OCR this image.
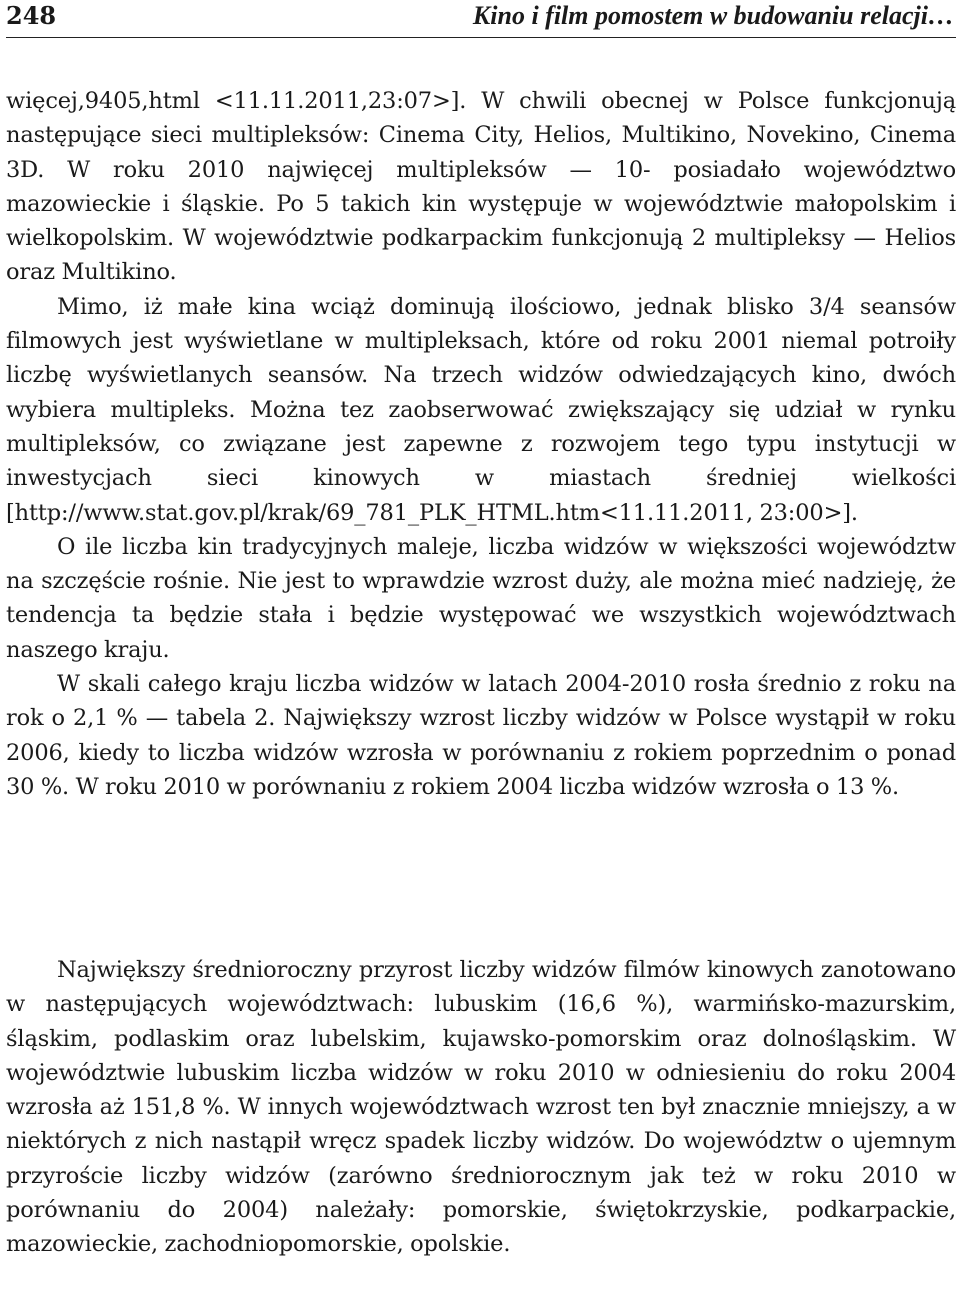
248	Kino i film pomostem w budowaniu relacji…

więcej,9405,html <11.11.2011,23:07>]. W chwili obecnej w Polsce funkcjonują następujące sieci multipleksów: Cinema City, Helios, Multikino, Novekino, Cinema 3D. W roku 2010 najwięcej multipleksów — 10- posiadało województwo mazowieckie i śląskie. Po 5 takich kin występuje w województwie małopolskim i wielkopolskim. W województwie podkarpackim funkcjonują 2 multipleksy — Helios oraz Multikino.

Mimo, iż małe kina wciąż dominują ilościowo, jednak blisko 3/4 seansów filmowych jest wyświetlane w multipleksach, które od roku 2001 niemal potroiły liczbę wyświetlanych seansów. Na trzech widzów odwiedzających kino, dwóch wybiera multipleks. Można tez zaobserwować zwiększający się udział w rynku multipleksów, co związane jest zapewne z rozwojem tego typu instytucji w inwestycjach sieci kinowych w miastach średniej wielkości [http://www.stat.gov.pl/krak/69_781_PLK_HTML.htm<11.11.2011, 23:00>].

O ile liczba kin tradycyjnych maleje, liczba widzów w większości województw na szczęście rośnie. Nie jest to wprawdzie wzrost duży, ale można mieć nadzieję, że tendencja ta będzie stała i będzie występować we wszystkich województwach naszego kraju.

W skali całego kraju liczba widzów w latach 2004-2010 rosła średnio z roku na rok o 2,1 % — tabela 2. Największy wzrost liczby widzów w Polsce wystąpił w roku 2006, kiedy to liczba widzów wzrosła w porównaniu z rokiem poprzednim o ponad 30 %. W roku 2010 w porównaniu z rokiem 2004 liczba widzów wzrosła o 13 %.

Największy średnioroczny przyrost liczby widzów filmów kinowych zanotowano w następujących województwach: lubuskim (16,6 %), warmińsko-mazurskim, śląskim, podlaskim oraz lubelskim, kujawsko-pomorskim oraz dolnośląskim. W województwie lubuskim liczba widzów w roku 2010 w odniesieniu do roku 2004 wzrosła aż 151,8 %. W innych województwach wzrost ten był znacznie mniejszy, a w niektórych z nich nastąpił wręcz spadek liczby widzów. Do województw o ujemnym przyroście liczby widzów (zarówno średniorocznym jak też w roku 2010 w porównaniu do 2004) należały: pomorskie, świętokrzyskie, podkarpackie, mazowieckie, zachodniopomorskie, opolskie.
